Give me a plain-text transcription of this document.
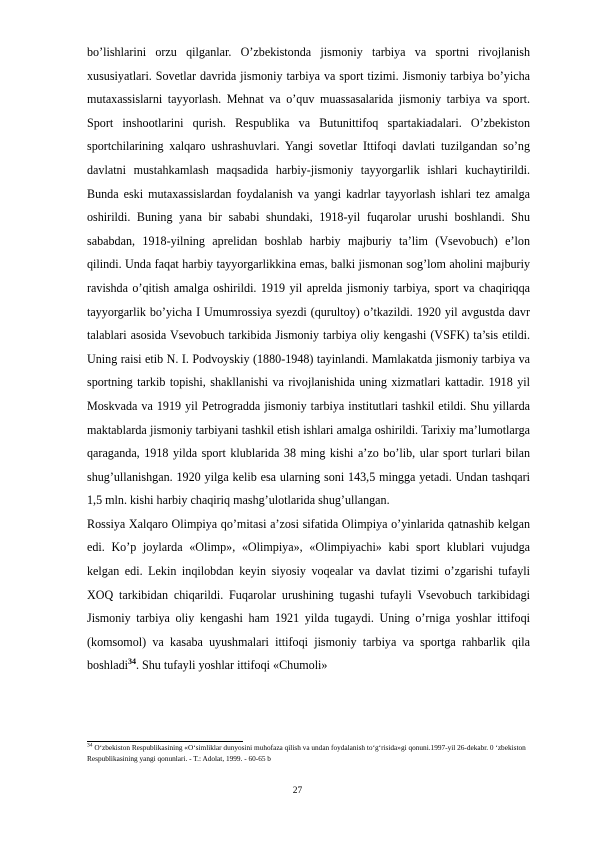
bo’lishlarini orzu qilganlar. O’zbekistonda jismoniy tarbiya va sportni rivojlanish xususiyatlari. Sovetlar davrida jismoniy tarbiya va sport tizimi. Jismoniy tarbiya bo’yicha mutaxassislarni tayyorlash. Mehnat va o’quv muassasalarida jismoniy tarbiya va sport. Sport inshootlarini qurish. Respublika va Butunittifoq spartakiadalari. O’zbekiston sportchilarining xalqaro ushrashuvlari. Yangi sovetlar Ittifoqi davlati tuzilgandan so’ng davlatni mustahkamlash maqsadida harbiy-jismoniy tayyorgarlik ishlari kuchaytirildi. Bunda eski mutaxassislardan foydalanish va yangi kadrlar tayyorlash ishlari tez amalga oshirildi. Buning yana bir sababi shundaki, 1918-yil fuqarolar urushi boshlandi. Shu sababdan, 1918-yilning aprelidan boshlab harbiy majburiy ta’lim (Vsevobuch) e’lon qilindi. Unda faqat harbiy tayyorgarlikkina emas, balki jismonan sog’lom aholini majburiy ravishda o’qitish amalga oshirildi. 1919 yil aprelda jismoniy tarbiya, sport va chaqiriqqa tayyorgarlik bo’yicha I Umumrossiya syezdi (qurultoy) o’tkazildi. 1920 yil avgustda davr talablari asosida Vsevobuch tarkibida Jismoniy tarbiya oliy kengashi (VSFK) ta’sis etildi. Uning raisi etib N. I. Podvoyskiy (1880-1948) tayinlandi. Mamlakatda jismoniy tarbiya va sportning tarkib topishi, shakllanishi va rivojlanishida uning xizmatlari kattadir. 1918 yil Moskvada va 1919 yil Petrogradda jismoniy tarbiya institutlari tashkil etildi. Shu yillarda maktablarda jismoniy tarbiyani tashkil etish ishlari amalga oshirildi. Tarixiy ma’lumotlarga qaraganda, 1918 yilda sport klublarida 38 ming kishi a’zo bo’lib, ular sport turlari bilan shug’ullanishgan. 1920 yilga kelib esa ularning soni 143,5 mingga yetadi. Undan tashqari 1,5 mln. kishi harbiy chaqiriq mashg’ulotlarida shug’ullangan.

Rossiya Xalqaro Olimpiya qo’mitasi a’zosi sifatida Olimpiya o’yinlarida qatnashib kelgan edi. Ko’p joylarda «Olimp», «Olimpiya», «Olimpiyachi» kabi sport klublari vujudga kelgan edi. Lekin inqilobdan keyin siyosiy voqealar va davlat tizimi o’zgarishi tufayli XOQ tarkibidan chiqarildi. Fuqarolar urushining tugashi tufayli Vsevobuch tarkibidagi Jismoniy tarbiya oliy kengashi ham 1921 yilda tugaydi. Uning o’rniga yoshlar ittifoqi (komsomol) va kasaba uyushmalari ittifoqi jismoniy tarbiya va sportga rahbarlik qila boshladi$^{34}$. Shu tufayli yoshlar ittifoqi «Chumoli»

$^{34}$ O‘zbekiston Respublikasining «O‘simliklar dunyosini muhofaza qilish va undan foydalanish to‘g‘risida»gi qonuni.1997-yil 26-dekabr. 0 ‘zbekiston Respublikasining yangi qonunlari. - T.: Adolat, 1999. - 60-65 b
27
